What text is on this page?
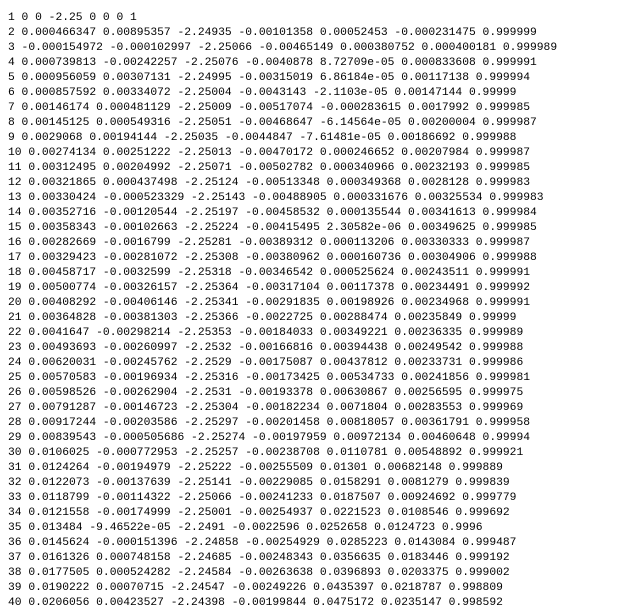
1 0 0 -2.25 0 0 0 1
2 0.000466347 0.00895357 -2.24935 -0.00101358 0.00052453 -0.000231475 0.999999
3 -0.000154972 -0.000102997 -2.25066 -0.00465149 0.000380752 0.000400181 0.999989
4 0.000739813 -0.00242257 -2.25076 -0.0040878 8.72709e-05 0.000833608 0.999991
5 0.000956059 0.00307131 -2.24995 -0.00315019 6.86184e-05 0.00117138 0.999994
6 0.000857592 0.00334072 -2.25004 -0.0043143 -2.1103e-05 0.00147144 0.99999
7 0.00146174 0.000481129 -2.25009 -0.00517074 -0.000283615 0.0017992 0.999985
8 0.00145125 0.000549316 -2.25051 -0.00468647 -6.14564e-05 0.00200004 0.999987
9 0.0029068 0.00194144 -2.25035 -0.0044847 -7.61481e-05 0.00186692 0.999988
10 0.00274134 0.00251222 -2.25013 -0.00470172 0.000246652 0.00207984 0.999987
11 0.00312495 0.00204992 -2.25071 -0.00502782 0.000340966 0.00232193 0.999985
12 0.00321865 0.000437498 -2.25124 -0.00513348 0.000349368 0.0028128 0.999983
13 0.00330424 -0.000523329 -2.25143 -0.00488905 0.000331676 0.00325534 0.999983
14 0.00352716 -0.00120544 -2.25197 -0.00458532 0.000135544 0.00341613 0.999984
15 0.00358343 -0.00102663 -2.25224 -0.00415495 2.30582e-06 0.00349625 0.999985
16 0.00282669 -0.0016799 -2.25281 -0.00389312 0.000113206 0.00330333 0.999987
17 0.00329423 -0.00281072 -2.25308 -0.00380962 0.000160736 0.00304906 0.999988
18 0.00458717 -0.0032599 -2.25318 -0.00346542 0.000525624 0.00243511 0.999991
19 0.00500774 -0.00326157 -2.25364 -0.00317104 0.00117378 0.00234491 0.999992
20 0.00408292 -0.00406146 -2.25341 -0.00291835 0.00198926 0.00234968 0.999991
21 0.00364828 -0.00381303 -2.25366 -0.0022725 0.00288474 0.00235849 0.99999
22 0.0041647 -0.00298214 -2.25353 -0.00184033 0.00349221 0.00236335 0.999989
23 0.00493693 -0.00260997 -2.2532 -0.00166816 0.00394438 0.00249542 0.999988
24 0.00620031 -0.00245762 -2.2529 -0.00175087 0.00437812 0.00233731 0.999986
25 0.00570583 -0.00196934 -2.25316 -0.00173425 0.00534733 0.00241856 0.999981
26 0.00598526 -0.00262904 -2.2531 -0.00193378 0.00630867 0.00256595 0.999975
27 0.00791287 -0.00146723 -2.25304 -0.00182234 0.0071804 0.00283553 0.999969
28 0.00917244 -0.00203586 -2.25297 -0.00201458 0.00818057 0.00361791 0.999958
29 0.00839543 -0.000505686 -2.25274 -0.00197959 0.00972134 0.00460648 0.99994
30 0.0106025 -0.000772953 -2.25257 -0.00238708 0.0110781 0.00548892 0.999921
31 0.0124264 -0.00194979 -2.25222 -0.00255509 0.01301 0.00682148 0.999889
32 0.0122073 -0.00137639 -2.25141 -0.00229085 0.0158291 0.0081279 0.999839
33 0.0118799 -0.00114322 -2.25066 -0.00241233 0.0187507 0.00924692 0.999779
34 0.0121558 -0.00174999 -2.25001 -0.00254937 0.0221523 0.0108546 0.999692
35 0.013484 -9.46522e-05 -2.2491 -0.0022596 0.0252658 0.0124723 0.9996
36 0.0145624 -0.000151396 -2.24858 -0.00254929 0.0285223 0.0143084 0.999487
37 0.0161326 0.000748158 -2.24685 -0.00248343 0.0356635 0.0183446 0.999192
38 0.0177505 0.000524282 -2.24584 -0.00263638 0.0396893 0.0203375 0.999002
39 0.0190222 0.00070715 -2.24547 -0.00249226 0.0435397 0.0218787 0.998809
40 0.0206056 0.00423527 -2.24398 -0.00199844 0.0475172 0.0235147 0.998592
